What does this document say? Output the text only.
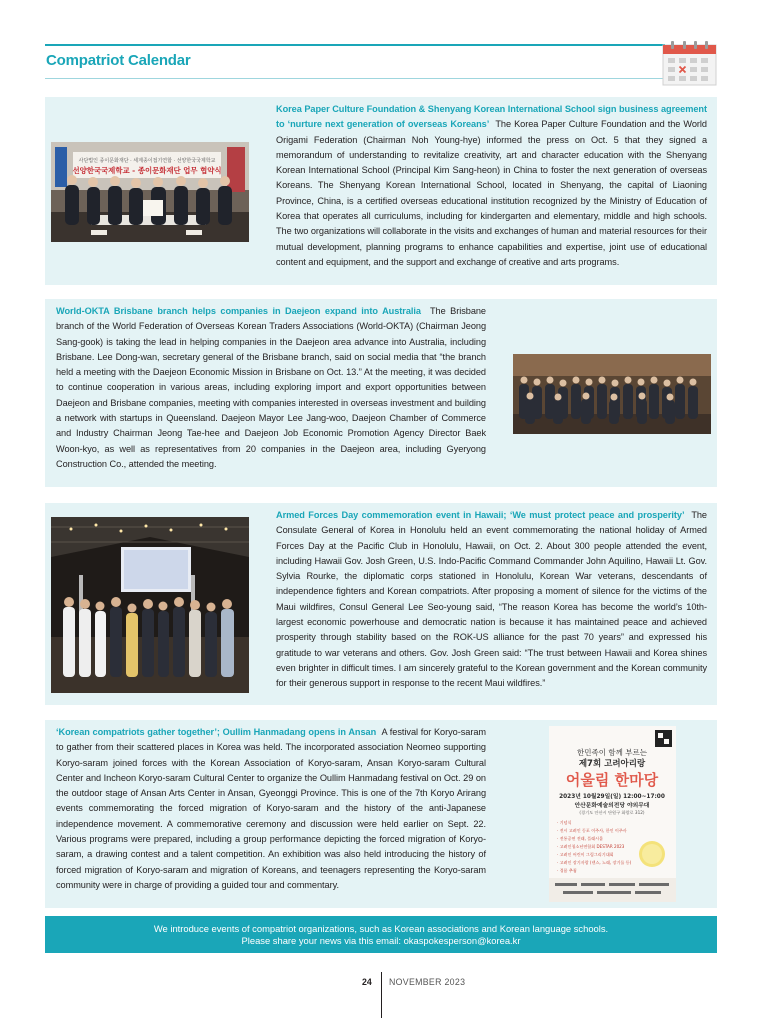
Compatriot Calendar
사단법인 종이문화재단 · 세계종이접기연합 · 선양한국국제학교
선양한국국제학교 - 종이문화재단 업무 협약식
Korea Paper Culture Foundation & Shenyang Korean International School sign business agreement to ‘nurture next generation of overseas Koreans’ The Korea Paper Culture Foundation and the World Origami Federation (Chairman Noh Young-hye) informed the press on Oct. 5 that they signed a memorandum of understanding to revitalize creativity, art and character education with the Shenyang Korean International School (Principal Kim Sang-heon) in China to foster the next generation of overseas Koreans. The Shenyang Korean International School, located in Shenyang, the capital of Liaoning Province, China, is a certified overseas educational institution recognized by the Ministry of Education of Korea that operates all curriculums, including for kindergarten and elementary, middle and high schools. The two organizations will collaborate in the visits and exchanges of human and material resources for their mutual development, planning programs to enhance capabilities and expertise, joint use of educational content and equipment, and the support and exchange of creative and arts programs.
World-OKTA Brisbane branch helps companies in Daejeon expand into Australia The Brisbane branch of the World Federation of Overseas Korean Traders Associations (World-OKTA) (Chairman Jeong Sang-gook) is taking the lead in helping companies in the Daejeon area advance into Australia, including Brisbane. Lee Dong-wan, secretary general of the Brisbane branch, said on social media that “the branch held a meeting with the Daejeon Economic Mission in Brisbane on Oct. 13.” At the meeting, it was decided to continue cooperation in various areas, including exploring import and export opportunities between Daejeon and Brisbane companies, meeting with companies interested in overseas investment and building a network with startups in Queensland. Daejeon Mayor Lee Jang-woo, Daejeon Chamber of Commerce and Industry Chairman Jeong Tae-hee and Daejeon Job Economic Promotion Agency Director Baek Woon-kyo, as well as representatives from 20 companies in the Daejeon area, including Gyeryong Construction Co., attended the meeting.
Armed Forces Day commemoration event in Hawaii; ‘We must protect peace and prosperity’ The Consulate General of Korea in Honolulu held an event commemorating the national holiday of Armed Forces Day at the Pacific Club in Honolulu, Hawaii, on Oct. 2. About 300 people attended the event, including Hawaii Gov. Josh Green, U.S. Indo-Pacific Command Commander John Aquilino, Hawaii Lt. Gov. Sylvia Rourke, the diplomatic corps stationed in Honolulu, Korean War veterans, descendants of independence fighters and Korean compatriots. After proposing a moment of silence for the victims of the Maui wildfires, Consul General Lee Seo-young said, “The reason Korea has become the world’s 10th-largest economic powerhouse and democratic nation is because it has maintained peace and achieved prosperity through stability based on the ROK-US alliance for the past 70 years” and expressed his gratitude to war veterans and others. Gov. Josh Green said: “The trust between Hawaii and Korea shines even brighter in difficult times. I am sincerely grateful to the Korean government and the Korean community for their generous support in response to the recent Maui wildfires.”
‘Korean compatriots gather together’; Oullim Hanmadang opens in Ansan A festival for Koryo-saram to gather from their scattered places in Korea was held. The incorporated association Neomeo supporting Koryo-saram joined forces with the Korean Association of Koryo-saram, Ansan Koryo-saram Cultural Center and Incheon Koryo-saram Cultural Center to organize the Oullim Hanmadang festival on Oct. 29 on the outdoor stage of Ansan Arts Center in Ansan, Gyeonggi Province. This is one of the 7th Koryo Arirang events commemorating the forced migration of Koryo-saram and the history of the anti-Japanese independence movement. A commemorative ceremony and discussion were held earlier on Sept. 22. Various programs were prepared, including a group performance depicting the forced migration of Koryo-saram, a drawing contest and a talent competition. An exhibition was also held introducing the history of forced migration of Koryo-saram and migration of Koreans, and teenagers representing the Koryo-saram community were in charge of providing a guided tour and commentary.
한민족이 함께 부르는
제7회 고려아리랑
어울림 한마당
2023년 10월29일(일) 12:00~17:00
안산문화예술의전당 야외무대
(경기도 안산시 단원구 화랑로 312)
· 기념식
· 전시 고려인 동포 이주사, 한인 이주사
· 전통공연 전래, 플래시몹
· 고려인청소년연합회 DESTAR 2023
· 고려인 어린이 그림그리기대회
· 고려인 장기자랑 (댄스, 노래, 장기를 등)
· 경품 추첨
We introduce events of compatriot organizations, such as Korean associations and Korean language schools.
Please share your news via this email: okaspokesperson@korea.kr
24 NOVEMBER 2023
